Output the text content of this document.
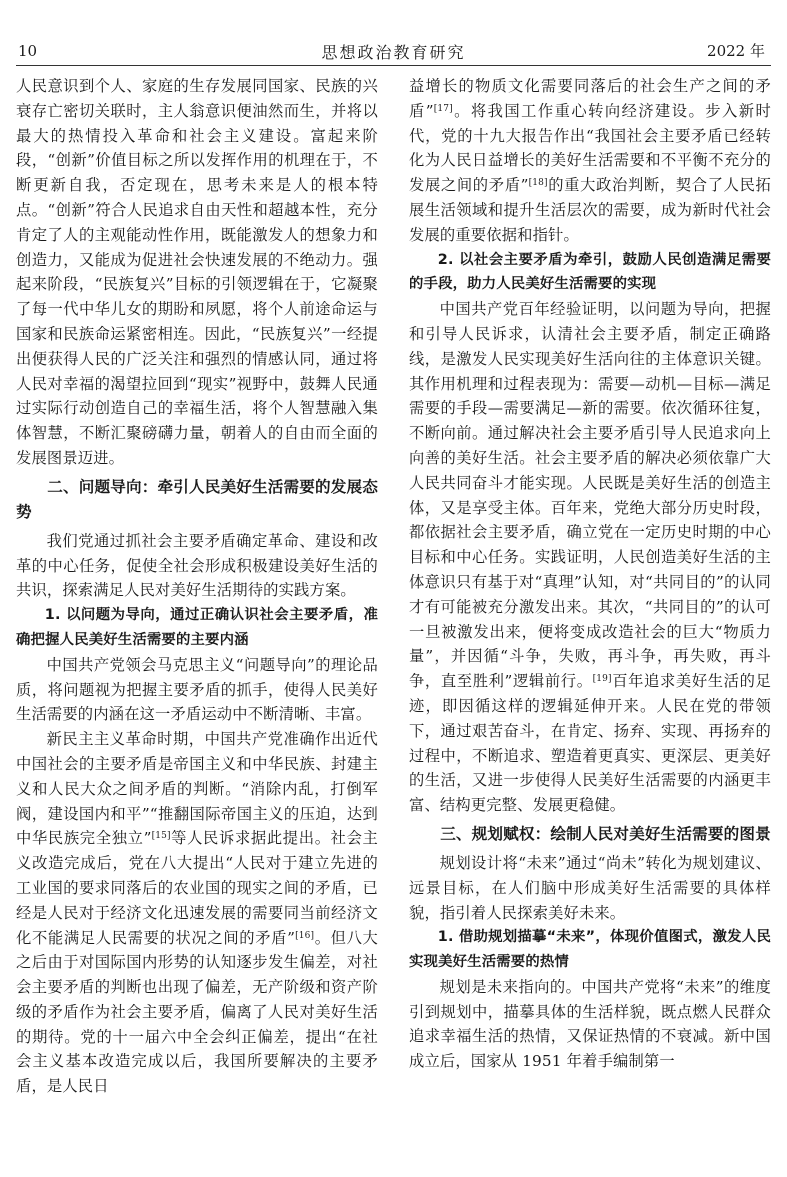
10	思想政治教育研究	2022 年

人民意识到个人、家庭的生存发展同国家、民族的兴衰存亡密切关联时，主人翁意识便油然而生，并将以最大的热情投入革命和社会主义建设。富起来阶段，“创新”价值目标之所以发挥作用的机理在于，不断更新自我，否定现在，思考未来是人的根本特点。“创新”符合人民追求自由天性和超越本性，充分肯定了人的主观能动性作用，既能激发人的想象力和创造力，又能成为促进社会快速发展的不绝动力。强起来阶段，“民族复兴”目标的引领逻辑在于，它凝聚了每一代中华儿女的期盼和夙愿，将个人前途命运与国家和民族命运紧密相连。因此，“民族复兴”一经提出便获得人民的广泛关注和强烈的情感认同，通过将人民对幸福的渴望拉回到“现实”视野中，鼓舞人民通过实际行动创造自己的幸福生活，将个人智慧融入集体智慧，不断汇聚磅礴力量，朝着人的自由而全面的发展图景迈进。

二、问题导向：牵引人民美好生活需要的发展态势

我们党通过抓社会主要矛盾确定革命、建设和改革的中心任务，促使全社会形成积极建设美好生活的共识，探索满足人民对美好生活期待的实践方案。

1. 以问题为导向，通过正确认识社会主要矛盾，准确把握人民美好生活需要的主要内涵

中国共产党领会马克思主义“问题导向”的理论品质，将问题视为把握主要矛盾的抓手，使得人民美好生活需要的内涵在这一矛盾运动中不断清晰、丰富。

新民主主义革命时期，中国共产党准确作出近代中国社会的主要矛盾是帝国主义和中华民族、封建主义和人民大众之间矛盾的判断。“消除内乱，打倒军阀，建设国内和平”“推翻国际帝国主义的压迫，达到中华民族完全独立”[15]等人民诉求据此提出。社会主义改造完成后，党在八大提出“人民对于建立先进的工业国的要求同落后的农业国的现实之间的矛盾，已经是人民对于经济文化迅速发展的需要同当前经济文化不能满足人民需要的状况之间的矛盾”[16]。但八大之后由于对国际国内形势的认知逐步发生偏差，对社会主要矛盾的判断也出现了偏差，无产阶级和资产阶级的矛盾作为社会主要矛盾，偏离了人民对美好生活的期待。党的十一届六中全会纠正偏差，提出“在社会主义基本改造完成以后，我国所要解决的主要矛盾，是人民日

益增长的物质文化需要同落后的社会生产之间的矛盾”[17]。将我国工作重心转向经济建设。步入新时代，党的十九大报告作出“我国社会主要矛盾已经转化为人民日益增长的美好生活需要和不平衡不充分的发展之间的矛盾”[18]的重大政治判断，契合了人民拓展生活领域和提升生活层次的需要，成为新时代社会发展的重要依据和指针。

2. 以社会主要矛盾为牵引，鼓励人民创造满足需要的手段，助力人民美好生活需要的实现

中国共产党百年经验证明，以问题为导向，把握和引导人民诉求，认清社会主要矛盾，制定正确路线，是激发人民实现美好生活向往的主体意识关键。其作用机理和过程表现为：需要—动机—目标—满足需要的手段—需要满足—新的需要。依次循环往复，不断向前。通过解决社会主要矛盾引导人民追求向上向善的美好生活。社会主要矛盾的解决必须依靠广大人民共同奋斗才能实现。人民既是美好生活的创造主体，又是享受主体。百年来，党绝大部分历史时段，都依据社会主要矛盾，确立党在一定历史时期的中心目标和中心任务。实践证明，人民创造美好生活的主体意识只有基于对“真理”认知，对“共同目的”的认同才有可能被充分激发出来。其次，“共同目的”的认可一旦被激发出来，便将变成改造社会的巨大“物质力量”，并因循“斗争，失败，再斗争，再失败，再斗争，直至胜利”逻辑前行。[19]百年追求美好生活的足迹，即因循这样的逻辑延伸开来。人民在党的带领下，通过艰苦奋斗，在肯定、扬弃、实现、再扬弃的过程中，不断追求、塑造着更真实、更深层、更美好的生活，又进一步使得人民美好生活需要的内涵更丰富、结构更完整、发展更稳健。

三、规划赋权：绘制人民对美好生活需要的图景

规划设计将“未来”通过“尚未”转化为规划建议、远景目标，在人们脑中形成美好生活需要的具体样貌，指引着人民探索美好未来。

1. 借助规划描摹“未来”，体现价值图式，激发人民实现美好生活需要的热情

规划是未来指向的。中国共产党将“未来”的维度引到规划中，描摹具体的生活样貌，既点燃人民群众追求幸福生活的热情，又保证热情的不衰减。新中国成立后，国家从 1951 年着手编制第一
